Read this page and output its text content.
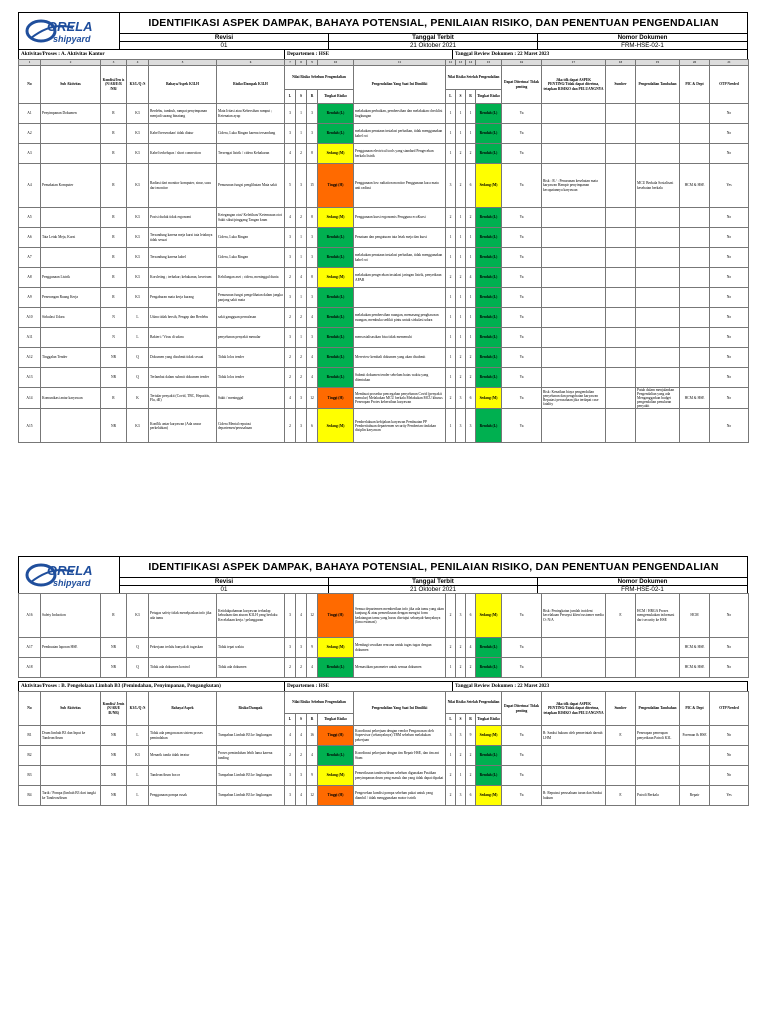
ORELA
shipyard
IDENTIFIKASI ASPEK DAMPAK, BAHAYA POTENSIAL, PENILAIAN RISIKO, DAN PENENTUAN PENGENDALIAN
Revisi	Tanggal Terbit	Nomor Dokumen
01	21 Oktober 2021	FRM-HSE-02-1
Aktivitas/Proses : A. Aktivitas Kantor	Departemen : HSE	Tanggal Review Dokumen : 22 Maret 2023
1	2	3	4	5	6	7	8	9	10	11	12	13	14	15	16	17	18	19	20	21
No	Sub Aktivitas	Kondisi/Jen is (N/AB/E/R /NR/	K3/L/Q /S	Bahaya/Aspek K3LH	Risiko/Dampak K3LH	Nilai Risiko Sebelum Pengendalian				Pengendalian Yang Saat Ini Dimiliki	Nilai Risiko Setelah Pengendalian				Dapat Diterima/ Tidak penting	Jika tdk dapat ASPEK PENTING/Tidak dapat diterima, tetapkan RISIKO dan PELUANGNYA	Sumber	Pengendalian Tambahan	PIC & Dept	OTP Needed
						L	S	R	Tingkat Risiko		L	S	R	Tingkat Risiko						
A1	Penyimpanan Dokumen	R	K3	Berdebu, tumbuh, rampat penyimpanan menjadi sarang binatang	Mata Iritasi atau Kebersihan rumput ; Ketenatan ayap	3	1	3	Rendah (L)	melakukan perbaikan, pembersihan dan melakukan checklist lingkungan	1	1	1	Rendah (L)	Ya					No
A2		R	K3	Kabel berserakan/ tidak diatur	Cidera, Luka Ringan karena tersandung	3	1	3	Rendah (L)	melakukan penataan instalasi perbaikan, tidak menggunakan kabel roi	1	1	1	Rendah (L)	Ya					No
A3		R	K3	Kabel terkelupas / short connection	Tersengat listrik / cidera Kebakaran	4	2	8	Sedang (M)	Penggunaan electrical tools yang standard Pengecekan berkala listrik	1	2	2	Rendah (L)	Ya					No
A4	Pemakaian Komputer	R	K3	Radiasi dari monitor komputer, sinar, susu dari monitor	Penurunan fungsi penglihatan Mata sakit	5	3	15	Tinggi (H)	Penggunaan low radiation monitor Penggunaan kaca mata anti radiasi	3	2	6	Sedang (M)	Ya	Risk : R / : Penurunan kesehatan mata karyawan Hampir penyimpanan kecapaiannya karyawan		MCU Berkala Sosialisasi kesehatan berkala	HCM & HSE	Yes
A5		R	K3	Posisi duduk tidak ergonomi	Ketegangan otot/ Keletihan/ Ketemasan otot Sakit sikut/pinggang Tangan kram	4	2	8	Sedang (M)	Penggunaan kursi ergonomis Pengguna ecoKursi	2	1	2	Rendah (L)	Ya					No
A6	Tata Letak Meja, Kursi	R	K3	Tersandung karena meja kursi tata letaknya tidak sesuai	Cidera, Luka Ringan	3	1	3	Rendah (L)	Penataan dan pengaturan tata letak meja dan kursi	1	1	1	Rendah (L)	Ya					No
A7		R	K3	Tersandung karena kabel	Cidera, Luka Ringan	3	1	3	Rendah (L)	melakukan penataan instalasi perbaikan, tidak menggunakan kabel roi	1	1	1	Rendah (L)	Ya					No
A8	Penggunaan Listrik	R	K3	Korsleting ; terbakar; kebakaran, kesetrum	Kehilangan aset ; cidera, meninggal dunia	2	4	8	Sedang (M)	melakukan pengecekan instalasi jaringan listrik, penyediaan APAR	2	2	4	Rendah (L)	Ya					No
A9	Penerangan Ruang Kerja	R	K3	Pengaburan mata kerja kurang	Penurunan fungsi pengelihatan dalam jangka panjang sakit mata	3	1	3	Rendah (L)		1	1	1	Rendah (L)	Ya					No
A10	Sirkulasi Udara	N	L	Udara tidak bersih, Pengap dan Berdebu	sakit gangguan pernafasan	2	2	4	Rendah (L)	melakukan pembersihan ruangan, memasang penghawaan ruangan, membuka sedikit pintu untuk sirkulasi udara	1	1	1	Rendah (L)	Ya					No
A11		N	L	Bakteri / Virus di udara	penyebaran penyakit menular	3	1	3	Rendah (L)	mensosialisasikan bisa tidak memenuhi	1	1	1	Rendah (L)	Ya					No
A12	Tinggalan Tender	NR	Q	Dokumen yang disubmit tidak sesuai	Tidak lolos tender	2	2	4	Rendah (L)	Mereview kembali dokumen yang akan disubmit	1	2	2	Rendah (L)	Ya					No
A13		NR	Q	Terlambat dalam submit dokumen tender	Tidak lolos tender	2	2	4	Rendah (L)	Submit dokumen tender sebelum batas waktu yang ditentukan	1	2	2	Rendah (L)	Ya					No
A14	Komunikasi antar karyawan	R	K	Tertular penyakit (Covid, TBC, Hepatitis, Flu, dll)	Sakit / meninggal	4	3	12	Tinggi (H)	Membuat prosedur pencegahan penyebaran Covid (penyakit menular) Melakukan MCU berkala Melakukan MCU khusus Penerapan Protes kebersihan karyawan	2	3	6	Sedang (M)	Ya	Risk: Kenaikan biaya pengendalian penyebaran dan pengobatan karyawan Reputasi perusahaan jika terdapat case fatality		Patuh dalam menjalankan Pengendalian yang ada Menganggarkan budget pengendalian penularan penyakit	HCM & HSE	No
A15		NR	K3	Konflik antar karyawan (Ada unsur perkelahian)	Cidera Mental reputasi departemen/perusahaan	2	3	6	Sedang (M)	Pemberlakuan kebijakan karyawan Pembuatan PP Pemberitahuan departemen security Pemberian tindakan disiplin karyawan	1	3	3	Rendah (L)	Ya					No
ORELA
shipyard
IDENTIFIKASI ASPEK DAMPAK, BAHAYA POTENSIAL, PENILAIAN RISIKO, DAN PENENTUAN PENGENDALIAN
Revisi	Tanggal Terbit	Nomor Dokumen
01	21 Oktober 2021	FRM-HSE-02-1
A16	Safety Induction	R	K3	Petugas safety tidak menelpaskan info jika ada tamu	Ketidakpahaman karyawan terhadap kebudaan dan aturan K3LH yang berlaku Kecelakaan kerja / pelanggaran	3	4	12	Tinggi (H)	Semua departemen memberikan info jika ada tamu yang akan kunjung & atau pemeriksaan dengan mengisi form kedatangan tamu yang harus disetujui sebanyak-banyaknya (lima estimasi)	2	3	6	Sedang (M)	Ya	Risk: Peningkatan jumlah incident kecelakaan Persepsi klien/customer media O: N/A	E	HCM / HRGA Proses mengemukakan informasi dari security ke HSE	HCM	No
A17	Pembuatan laporan HSE	NR	Q	Pekerjaan terlalu banyak di tugaskan	Tidak tepat waktu	3	3	9	Sedang (M)	Membagi sesuikan rencana untuk tugas tugas dengan dokumen	2	2	4	Rendah (L)	Ya				HCM & HSE	No
A18		NR	Q	Tidak ada dokumen kontrol	Tidak ada dokumen	2	2	4	Rendah (L)	Memastikan parameter untuk semua dokumen	1	2	2	Rendah (L)	Ya				HCM & HSE	No
Aktivitas/Proses : B. Pengelolaan Limbah B3 (Pemindahan, Penyimpanan, Pengangkutan)	Departemen : HSE	Tanggal Review Dokumen : 22 Maret 2023
No	Sub Aktivitas	Kondisi/ Jenis (N/AB/E /R/NR)	K3/L/Q /S	Bahaya/Aspek	Risiko/Dampak	Nilai Risiko Sebelum Pengendalian				Pengendalian Yang Saat Ini Dimiliki	Nilai Risiko Setelah Pengendalian				Dapat Diterima/ Tidak penting	Jika tdk dapat ASPEK PENTING/Tidak dapat diterima, tetapkan RISIKO dan PELUANGNYA	Sumber	Pengendalian Tambahan	PIC & Dept	OTP Needed
						L	S	R	Tingkat Risiko		L	S	R	Tingkat Risiko						
B1	Drum limbah B3 dan Input ke Tandeon/drum	NR	L	Tidak ada pengawasan sistem proses pemindahan	Tumpahan Limbah B3 ke lingkungan	4	4	16	Tinggi (H)	Koordinasi pekerjaan dengan vendor Pengawasan oleh Supervisor (sebanyaknya) TBM sebelum melakukan pekerjaan	3	3	9	Sedang (M)	Ya	R: Sanksi hukum oleh pemerintah daerah LHM	E	Penerapan penerapan penyediaan Patroli K3L	Foreman & HSE	No
B2		NR	K3	Menarik tanda tidak teratur	Proses pemindahan lebih lama karena tanding	2	2	4	Rendah (L)	Koordinasi pekerjaan dengan tim Repair HSE, dan tim ant Stam	1	2	2	Rendah (L)	Ya					No
B3		NR	L	Tandeon/drum bocor	Tumpahan Limbah B3 ke lingkungan	3	3	9	Sedang (M)	Pemeriksaan tandeon/drum sebelum digunakan Pastikan penyimpanan drum yang masuk dan yang tidak dapat dipakai	2	1	2	Rendah (L)	Ya					No
B4	Tarik / Pompa (limbah B3 dari tangki ke Tandeon/drum	NR	L	Penggunaan pompa rusak	Tumpahan Limbah B3 ke lingkungan	3	4	12	Tinggi (H)	Pengecekan kondisi pompa sebelum pakai untuk yang diambil / tidak menggunakan motor isrtrik	2	3	6	Sedang (M)	Ya	R: Reputasi perusahaan turun dan Sanksi hukum	E	Patroli Berkala	Repair	Yes
